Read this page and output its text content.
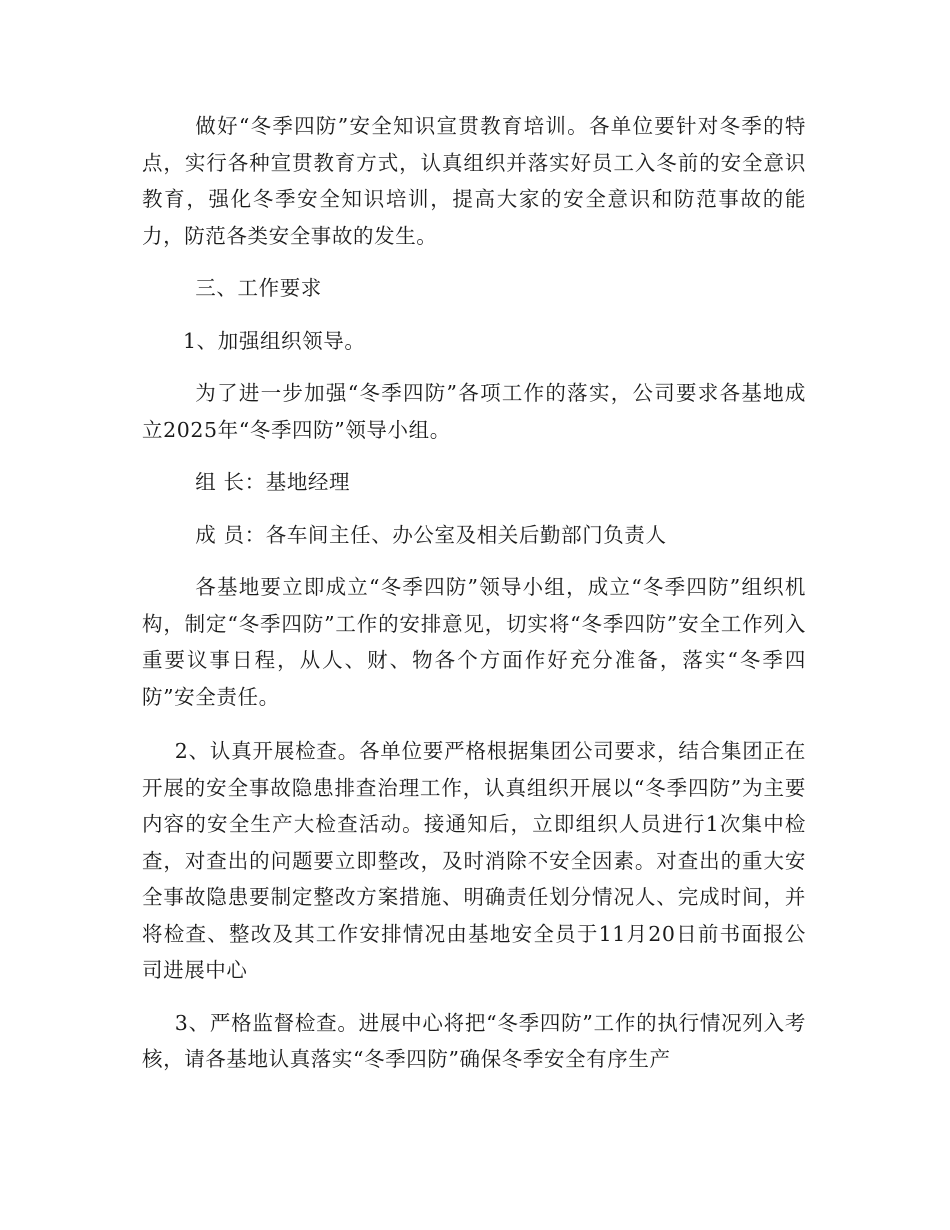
做好“冬季四防”安全知识宣贯教育培训。各单位要针对冬季的特点，实行各种宣贯教育方式，认真组织并落实好员工入冬前的安全意识教育，强化冬季安全知识培训，提高大家的安全意识和防范事故的能力，防范各类安全事故的发生。

三、工作要求

1、加强组织领导。

为了进一步加强“冬季四防”各项工作的落实，公司要求各基地成立2025年“冬季四防”领导小组。

组 长：基地经理

成 员：各车间主任、办公室及相关后勤部门负责人

各基地要立即成立“冬季四防”领导小组，成立“冬季四防”组织机构，制定“冬季四防”工作的安排意见，切实将“冬季四防”安全工作列入重要议事日程，从人、财、物各个方面作好充分准备，落实“冬季四防”安全责任。

2、认真开展检查。各单位要严格根据集团公司要求，结合集团正在开展的安全事故隐患排查治理工作，认真组织开展以“冬季四防”为主要内容的安全生产大检查活动。接通知后，立即组织人员进行1次集中检查，对查出的问题要立即整改，及时消除不安全因素。对查出的重大安全事故隐患要制定整改方案措施、明确责任划分情况人、完成时间，并将检查、整改及其工作安排情况由基地安全员于11月20日前书面报公司进展中心

3、严格监督检查。进展中心将把“冬季四防”工作的执行情况列入考核，请各基地认真落实“冬季四防”确保冬季安全有序生产
